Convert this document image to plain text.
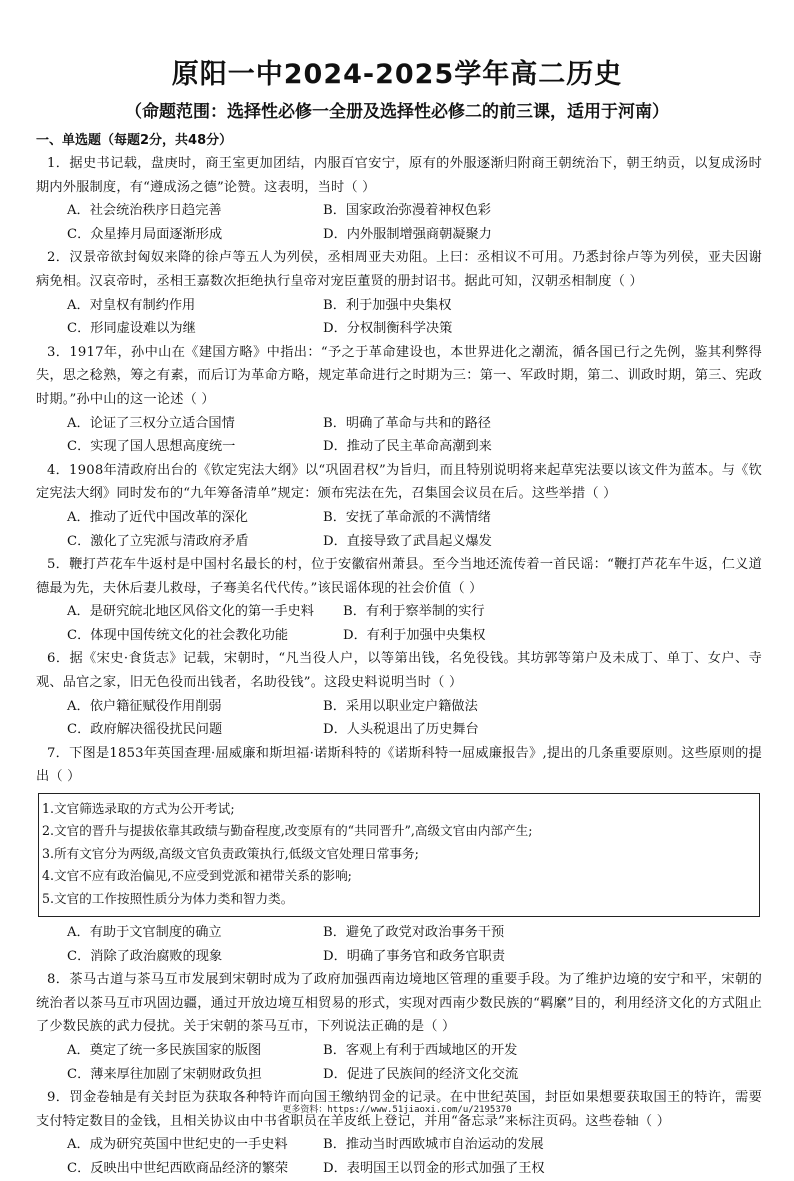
原阳一中2024-2025学年高二历史
（命题范围：选择性必修一全册及选择性必修二的前三课，适用于河南）
一、单选题（每题2分，共48分）
1．据史书记载，盘庚时，商王室更加团结，内服百官安宁，原有的外服逐渐归附商王朝统治下，朝王纳贡，以复成汤时期内外服制度，有“遵成汤之德”论赞。这表明，当时（ ）
A．社会统治秩序日趋完善	B．国家政治弥漫着神权色彩
C．众星捧月局面逐渐形成	D．内外服制增强商朝凝聚力
2．汉景帝欲封匈奴来降的徐卢等五人为列侯，丞相周亚夫劝阻。上曰：丞相议不可用。乃悉封徐卢等为列侯，亚夫因谢病免相。汉哀帝时，丞相王嘉数次拒绝执行皇帝对宠臣董贤的册封诏书。据此可知，汉朝丞相制度（ ）
A．对皇权有制约作用	B．利于加强中央集权
C．形同虚设难以为继	D．分权制衡科学决策
3．1917年，孙中山在《建国方略》中指出：“予之于革命建设也，本世界进化之潮流，循各国已行之先例，鉴其利弊得失，思之稔熟，筹之有素，而后订为革命方略，规定革命进行之时期为三：第一、军政时期，第二、训政时期，第三、宪政时期。”孙中山的这一论述（ ）
A．论证了三权分立适合国情	B．明确了革命与共和的路径
C．实现了国人思想高度统一	D．推动了民主革命高潮到来
4．1908年清政府出台的《钦定宪法大纲》以“巩固君权”为旨归，而且特别说明将来起草宪法要以该文件为蓝本。与《钦定宪法大纲》同时发布的“九年筹备清单”规定：颁布宪法在先，召集国会议员在后。这些举措（ ）
A．推动了近代中国改革的深化	B．安抚了革命派的不满情绪
C．激化了立宪派与清政府矛盾	D．直接导致了武昌起义爆发
5．鞭打芦花车牛返村是中国村名最长的村，位于安徽宿州萧县。至今当地还流传着一首民谣：“鞭打芦花车牛返，仁义道德最为先，夫休后妻儿救母，子骞美名代代传。”该民谣体现的社会价值（ ）
A．是研究皖北地区风俗文化的第一手史料	B．有利于察举制的实行
C．体现中国传统文化的社会教化功能	D．有利于加强中央集权
6．据《宋史·食货志》记载，宋朝时，“凡当役人户，以等第出钱，名免役钱。其坊郭等第户及未成丁、单丁、女户、寺观、品官之家，旧无色役而出钱者，名助役钱”。这段史料说明当时（ ）
A．依户籍征赋役作用削弱	B．采用以职业定户籍做法
C．政府解决徭役扰民问题	D．人头税退出了历史舞台
7．下图是1853年英国查理·屈威廉和斯坦福·诺斯科特的《诺斯科特一屈威廉报告》,提出的几条重要原则。这些原则的提出（ ）
1.文官筛选录取的方式为公开考试;
2.文官的晋升与提拔依靠其政绩与勤奋程度,改变原有的“共同晋升”,高级文官由内部产生;
3.所有文官分为两级,高级文官负责政策执行,低级文官处理日常事务;
4.文官不应有政治偏见,不应受到党派和裙带关系的影响;
5.文官的工作按照性质分为体力类和智力类。
A．有助于文官制度的确立	B．避免了政党对政治事务干预
C．消除了政治腐败的现象	D．明确了事务官和政务官职责
8．茶马古道与茶马互市发展到宋朝时成为了政府加强西南边境地区管理的重要手段。为了维护边境的安宁和平，宋朝的统治者以茶马互市巩固边疆，通过开放边境互相贸易的形式，实现对西南少数民族的“羁縻”目的，利用经济文化的方式阻止了少数民族的武力侵扰。关于宋朝的茶马互市，下列说法正确的是（ ）
A．奠定了统一多民族国家的版图	B．客观上有利于西域地区的开发
C．薄来厚往加剧了宋朝财政负担	D．促进了民族间的经济文化交流
9．罚金卷轴是有关封臣为获取各种特许而向国王缴纳罚金的记录。在中世纪英国，封臣如果想要获取国王的特许，需要支付特定数目的金钱，且相关协议由中书省职员在羊皮纸上登记，并用“备忘录”来标注页码。这些卷轴（ ）
A．成为研究英国中世纪史的一手史料	B．推动当时西欧城市自治运动的发展
C．反映出中世纪西欧商品经济的繁荣	D．表明国王以罚金的形式加强了王权
更多资料：https://www.51jiaoxi.com/u/2195370
